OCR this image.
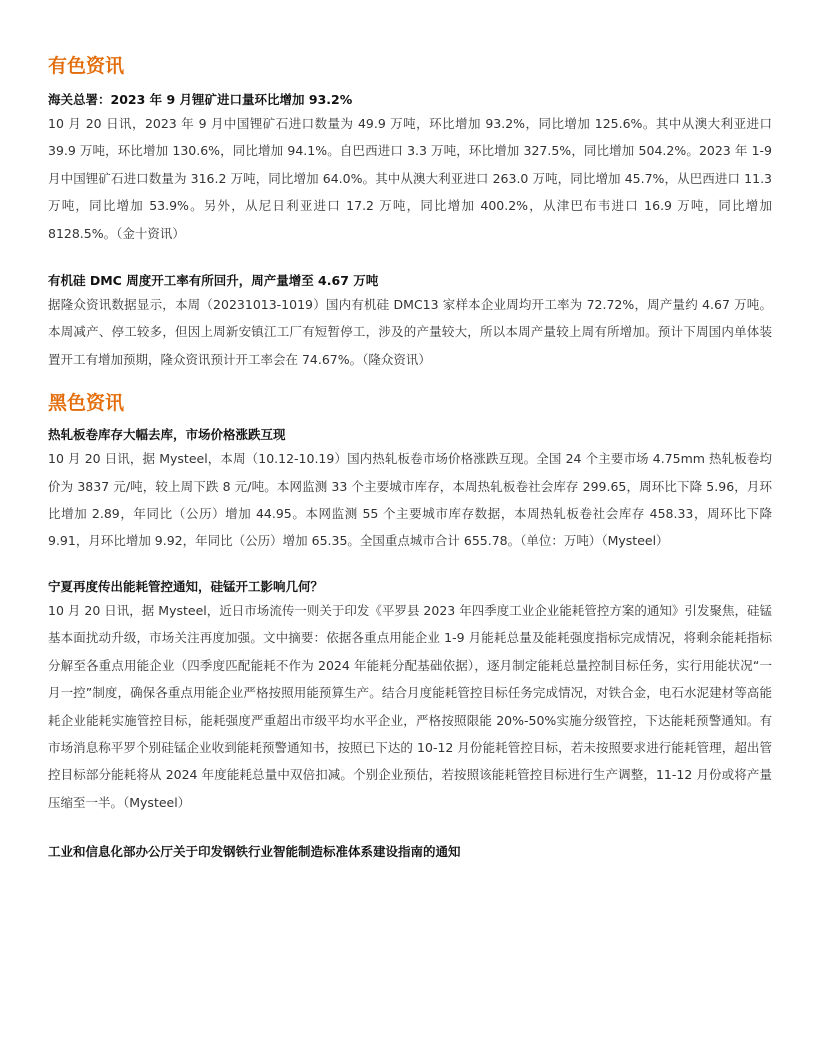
有色资讯
海关总署：2023 年 9 月锂矿进口量环比增加 93.2%

10 月 20 日讯，2023 年 9 月中国锂矿石进口数量为 49.9 万吨，环比增加 93.2%，同比增加 125.6%。其中从澳大利亚进口 39.9 万吨，环比增加 130.6%，同比增加 94.1%。自巴西进口 3.3 万吨，环比增加 327.5%，同比增加 504.2%。2023 年 1-9 月中国锂矿石进口数量为 316.2 万吨，同比增加 64.0%。其中从澳大利亚进口 263.0 万吨，同比增加 45.7%，从巴西进口 11.3 万吨，同比增加 53.9%。另外，从尼日利亚进口 17.2 万吨，同比增加 400.2%，从津巴布韦进口 16.9 万吨，同比增加 8128.5%。（金十资讯）

有机硅 DMC 周度开工率有所回升，周产量增至 4.67 万吨

据隆众资讯数据显示，本周（20231013-1019）国内有机硅 DMC13 家样本企业周均开工率为 72.72%，周产量约 4.67 万吨。本周减产、停工较多，但因上周新安镇江工厂有短暂停工，涉及的产量较大，所以本周产量较上周有所增加。预计下周国内单体装置开工有增加预期，隆众资讯预计开工率会在 74.67%。（隆众资讯）

黑色资讯
热轧板卷库存大幅去库，市场价格涨跌互现

10 月 20 日讯，据 Mysteel，本周（10.12-10.19）国内热轧板卷市场价格涨跌互现。全国 24 个主要市场 4.75mm 热轧板卷均价为 3837 元/吨，较上周下跌 8 元/吨。本网监测 33 个主要城市库存，本周热轧板卷社会库存 299.65，周环比下降 5.96，月环比增加 2.89，年同比（公历）增加 44.95。本网监测 55 个主要城市库存数据，本周热轧板卷社会库存 458.33，周环比下降 9.91，月环比增加 9.92，年同比（公历）增加 65.35。全国重点城市合计 655.78。（单位：万吨）（Mysteel）

宁夏再度传出能耗管控通知，硅锰开工影响几何？

10 月 20 日讯，据 Mysteel，近日市场流传一则关于印发《平罗县 2023 年四季度工业企业能耗管控方案的通知》引发聚焦，硅锰基本面扰动升级，市场关注再度加强。文中摘要：依据各重点用能企业 1-9 月能耗总量及能耗强度指标完成情况，将剩余能耗指标分解至各重点用能企业（四季度匹配能耗不作为 2024 年能耗分配基础依据），逐月制定能耗总量控制目标任务，实行用能状况“一月一控”制度，确保各重点用能企业严格按照用能预算生产。结合月度能耗管控目标任务完成情况，对铁合金，电石水泥建材等高能耗企业能耗实施管控目标，能耗强度严重超出市级平均水平企业，严格按照限能 20%-50%实施分级管控，下达能耗预警通知。有市场消息称平罗个别硅锰企业收到能耗预警通知书，按照已下达的 10-12 月份能耗管控目标，若未按照要求进行能耗管理，超出管控目标部分能耗将从 2024 年度能耗总量中双倍扣减。个别企业预估，若按照该能耗管控目标进行生产调整，11-12 月份或将产量压缩至一半。（Mysteel）

工业和信息化部办公厅关于印发钢铁行业智能制造标准体系建设指南的通知
